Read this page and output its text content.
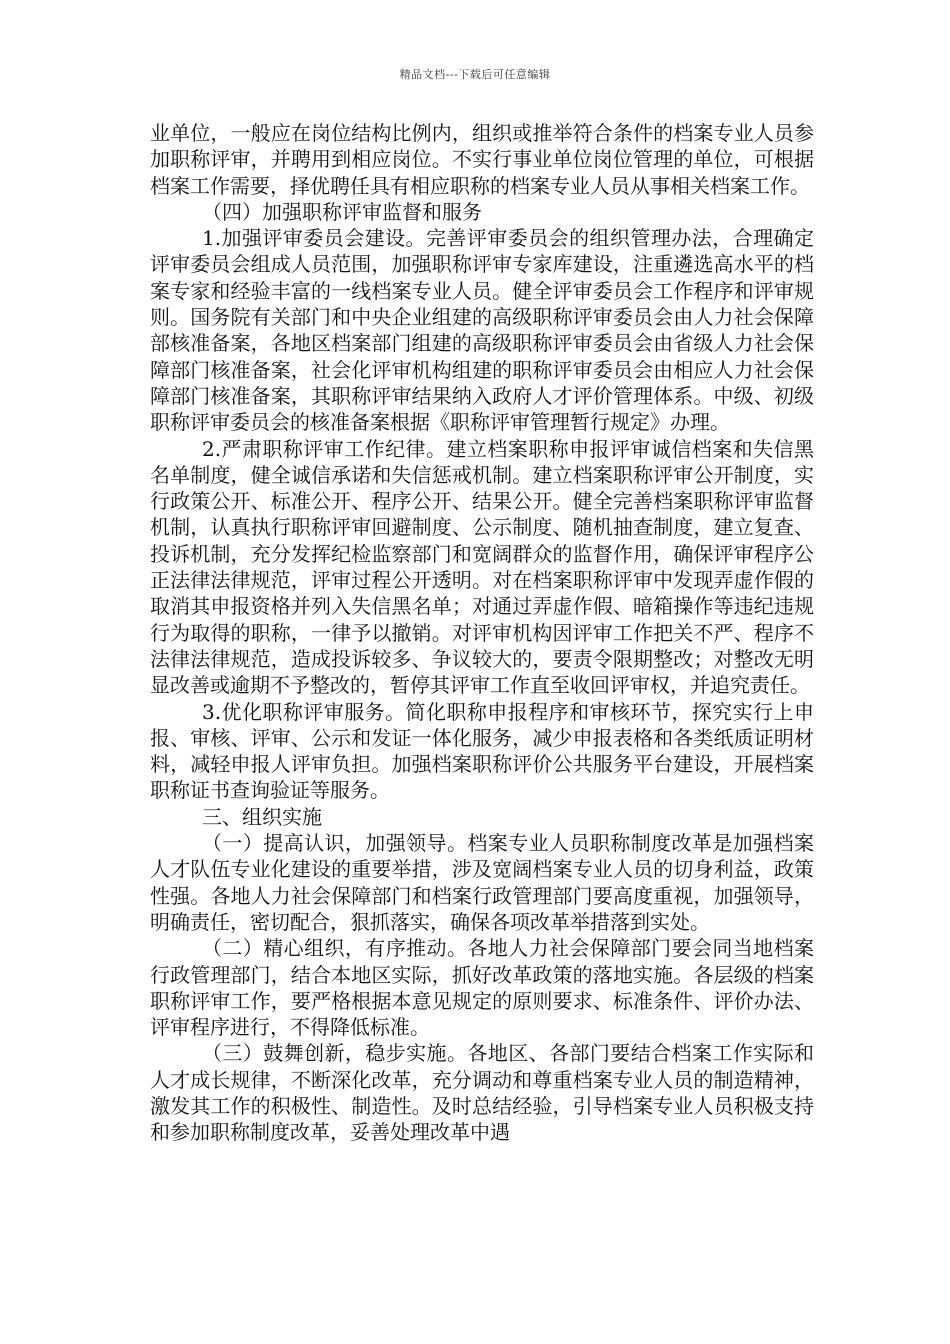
精品文档---下载后可任意编辑

业单位，一般应在岗位结构比例内，组织或推举符合条件的档案专业人员参加职称评审，并聘用到相应岗位。不实行事业单位岗位管理的单位，可根据档案工作需要，择优聘任具有相应职称的档案专业人员从事相关档案工作。

（四）加强职称评审监督和服务

1.加强评审委员会建设。完善评审委员会的组织管理办法，合理确定评审委员会组成人员范围，加强职称评审专家库建设，注重遴选高水平的档案专家和经验丰富的一线档案专业人员。健全评审委员会工作程序和评审规则。国务院有关部门和中央企业组建的高级职称评审委员会由人力社会保障部核准备案，各地区档案部门组建的高级职称评审委员会由省级人力社会保障部门核准备案，社会化评审机构组建的职称评审委员会由相应人力社会保障部门核准备案，其职称评审结果纳入政府人才评价管理体系。中级、初级职称评审委员会的核准备案根据《职称评审管理暂行规定》办理。

2.严肃职称评审工作纪律。建立档案职称申报评审诚信档案和失信黑名单制度，健全诚信承诺和失信惩戒机制。建立档案职称评审公开制度，实行政策公开、标准公开、程序公开、结果公开。健全完善档案职称评审监督机制，认真执行职称评审回避制度、公示制度、随机抽查制度，建立复查、投诉机制，充分发挥纪检监察部门和宽阔群众的监督作用，确保评审程序公正法律法律规范，评审过程公开透明。对在档案职称评审中发现弄虚作假的取消其申报资格并列入失信黑名单；对通过弄虚作假、暗箱操作等违纪违规行为取得的职称，一律予以撤销。对评审机构因评审工作把关不严、程序不法律法律规范，造成投诉较多、争议较大的，要责令限期整改；对整改无明显改善或逾期不予整改的，暂停其评审工作直至收回评审权，并追究责任。

3.优化职称评审服务。简化职称申报程序和审核环节，探究实行上申报、审核、评审、公示和发证一体化服务，减少申报表格和各类纸质证明材料，减轻申报人评审负担。加强档案职称评价公共服务平台建设，开展档案职称证书查询验证等服务。

三、组织实施

（一）提高认识，加强领导。档案专业人员职称制度改革是加强档案人才队伍专业化建设的重要举措，涉及宽阔档案专业人员的切身利益，政策性强。各地人力社会保障部门和档案行政管理部门要高度重视，加强领导，明确责任，密切配合，狠抓落实，确保各项改革举措落到实处。

（二）精心组织，有序推动。各地人力社会保障部门要会同当地档案行政管理部门，结合本地区实际，抓好改革政策的落地实施。各层级的档案职称评审工作，要严格根据本意见规定的原则要求、标准条件、评价办法、评审程序进行，不得降低标准。

（三）鼓舞创新，稳步实施。各地区、各部门要结合档案工作实际和人才成长规律，不断深化改革，充分调动和尊重档案专业人员的制造精神，激发其工作的积极性、制造性。及时总结经验，引导档案专业人员积极支持和参加职称制度改革，妥善处理改革中遇
